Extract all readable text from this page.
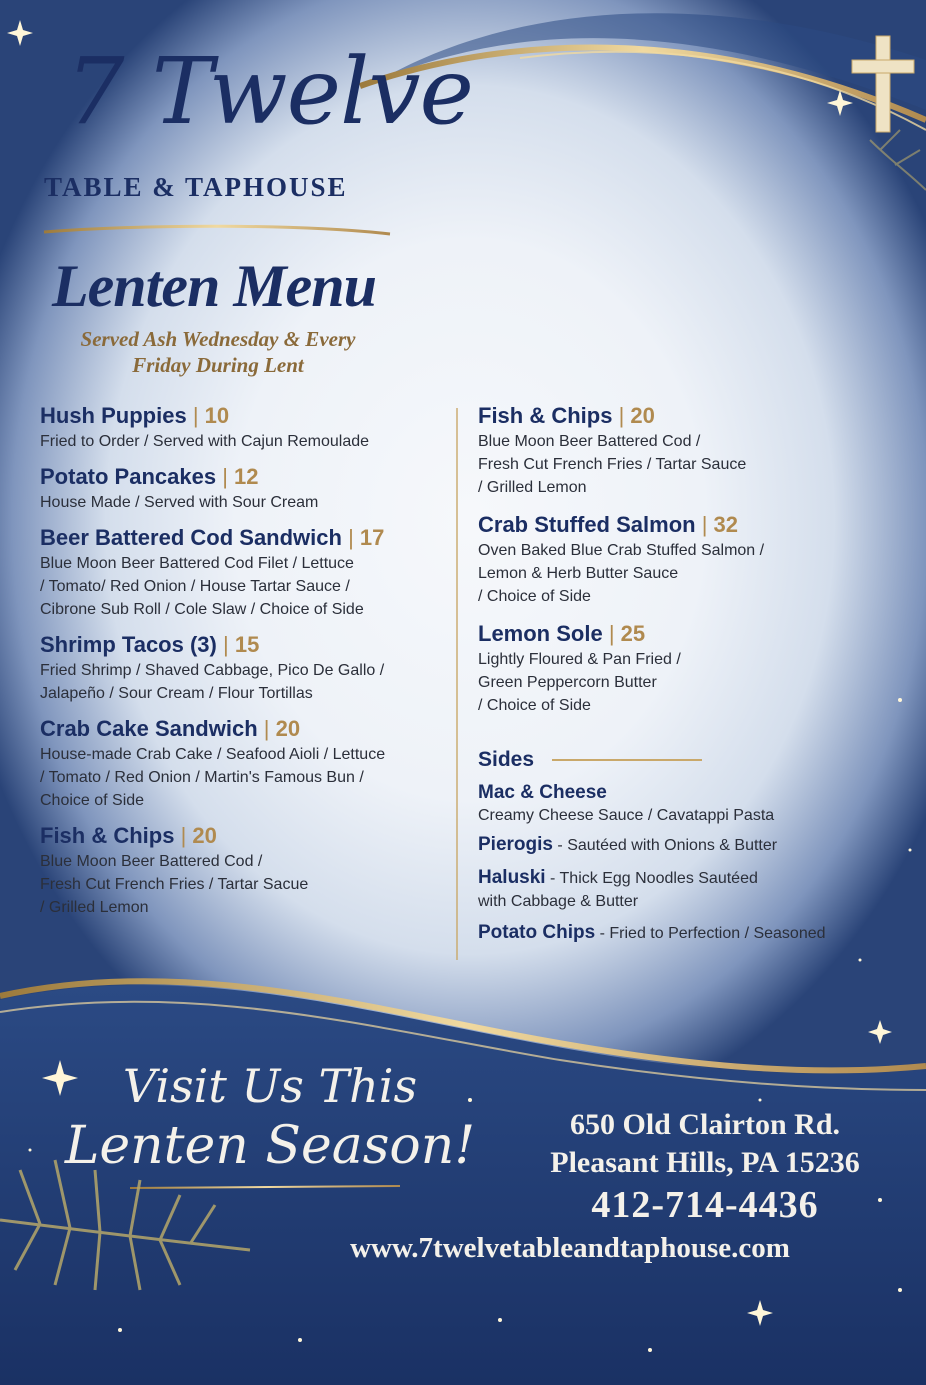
7 Twelve
TABLE & TAPHOUSE
Lenten Menu
Served Ash Wednesday & Every
Friday During Lent
Hush Puppies | 10
Fried to Order / Served with Cajun Remoulade
Potato Pancakes | 12
House Made / Served with Sour Cream
Beer Battered Cod Sandwich | 17
Blue Moon Beer Battered Cod Filet / Lettuce
/ Tomato/ Red Onion / House Tartar Sauce /
Cibrone Sub Roll / Cole Slaw / Choice of Side
Shrimp Tacos (3) | 15
Fried Shrimp / Shaved Cabbage, Pico De Gallo /
Jalapeño / Sour Cream / Flour Tortillas
Crab Cake Sandwich | 20
House-made Crab Cake / Seafood Aioli / Lettuce
/ Tomato / Red Onion / Martin's Famous Bun /
Choice of Side
Fish & Chips | 20
Blue Moon Beer Battered Cod /
Fresh Cut French Fries / Tartar Sacue
/ Grilled Lemon
Fish & Chips | 20
Blue Moon Beer Battered Cod /
Fresh Cut French Fries / Tartar Sauce
/ Grilled Lemon
Crab Stuffed Salmon | 32
Oven Baked Blue Crab Stuffed Salmon /
Lemon & Herb Butter Sauce
/ Choice of Side
Lemon Sole | 25
Lightly Floured & Pan Fried /
Green Peppercorn Butter
/ Choice of Side
Sides
Mac & Cheese
Creamy Cheese Sauce / Cavatappi Pasta
Pierogis - Sautéed with Onions & Butter
Haluski - Thick Egg Noodles Sautéed
with Cabbage & Butter
Potato Chips - Fried to Perfection / Seasoned
Visit Us This
Lenten Season!	650 Old Clairton Rd.
Pleasant Hills, PA 15236
412-714-4436
www.7twelvetableandtaphouse.com
